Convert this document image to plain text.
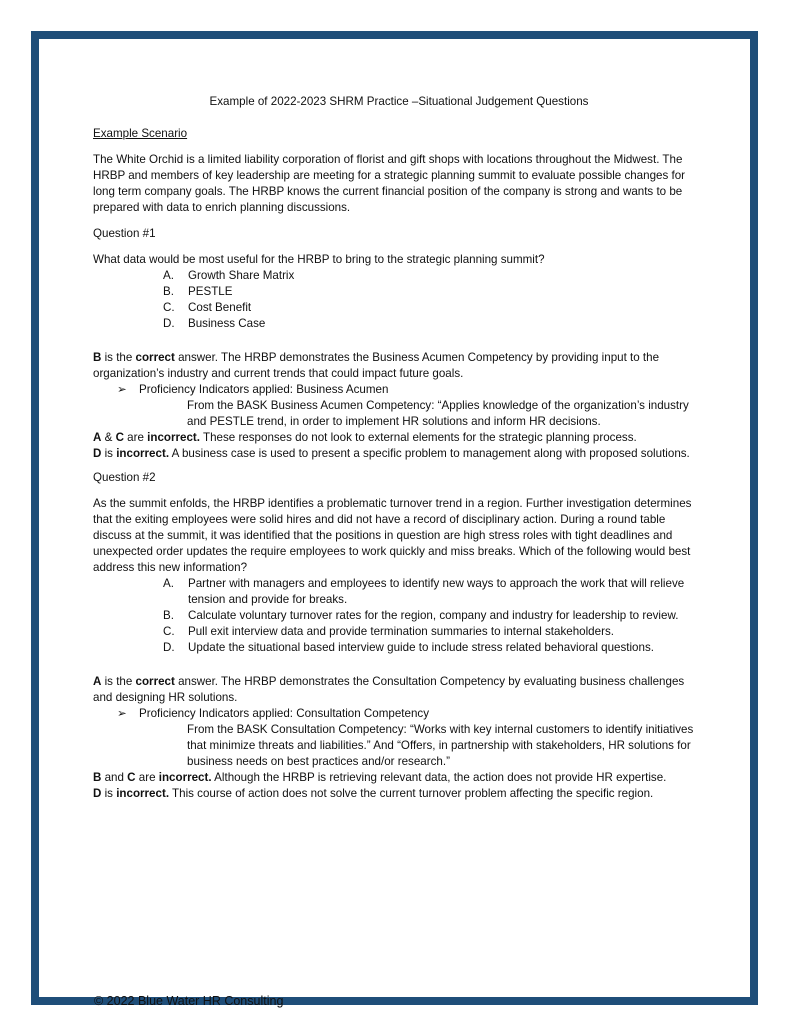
Example of 2022-2023 SHRM Practice –Situational Judgement Questions
Example Scenario

The White Orchid is a limited liability corporation of florist and gift shops with locations throughout the Midwest. The HRBP and members of key leadership are meeting for a strategic planning summit to evaluate possible changes for long term company goals. The HRBP knows the current financial position of the company is strong and wants to be prepared with data to enrich planning discussions.

Question #1
What data would be most useful for the HRBP to bring to the strategic planning summit?
A.	Growth Share Matrix
B.	PESTLE
C.	Cost Benefit
D.	Business Case
B is the correct answer. The HRBP demonstrates the Business Acumen Competency by providing input to the organization’s industry and current trends that could impact future goals.
➢	Proficiency Indicators applied: Business Acumen
From the BASK Business Acumen Competency: “Applies knowledge of the organization’s industry and PESTLE trend, in order to implement HR solutions and inform HR decisions.
A & C are incorrect. These responses do not look to external elements for the strategic planning process.
D is incorrect. A business case is used to present a specific problem to management along with proposed solutions.
Question #2
As the summit enfolds, the HRBP identifies a problematic turnover trend in a region. Further investigation determines that the exiting employees were solid hires and did not have a record of disciplinary action. During a round table discuss at the summit, it was identified that the positions in question are high stress roles with tight deadlines and unexpected order updates the require employees to work quickly and miss breaks. Which of the following would best address this new information?
A.	Partner with managers and employees to identify new ways to approach the work that will relieve tension and provide for breaks.
B.	Calculate voluntary turnover rates for the region, company and industry for leadership to review.
C.	Pull exit interview data and provide termination summaries to internal stakeholders.
D.	Update the situational based interview guide to include stress related behavioral questions.
A is the correct answer. The HRBP demonstrates the Consultation Competency by evaluating business challenges and designing HR solutions.
➢	Proficiency Indicators applied: Consultation Competency
From the BASK Consultation Competency: “Works with key internal customers to identify initiatives that minimize threats and liabilities.” And “Offers, in partnership with stakeholders, HR solutions for business needs on best practices and/or research.”
B and C are incorrect. Although the HRBP is retrieving relevant data, the action does not provide HR expertise.
D is incorrect. This course of action does not solve the current turnover problem affecting the specific region.
© 2022 Blue Water HR Consulting
